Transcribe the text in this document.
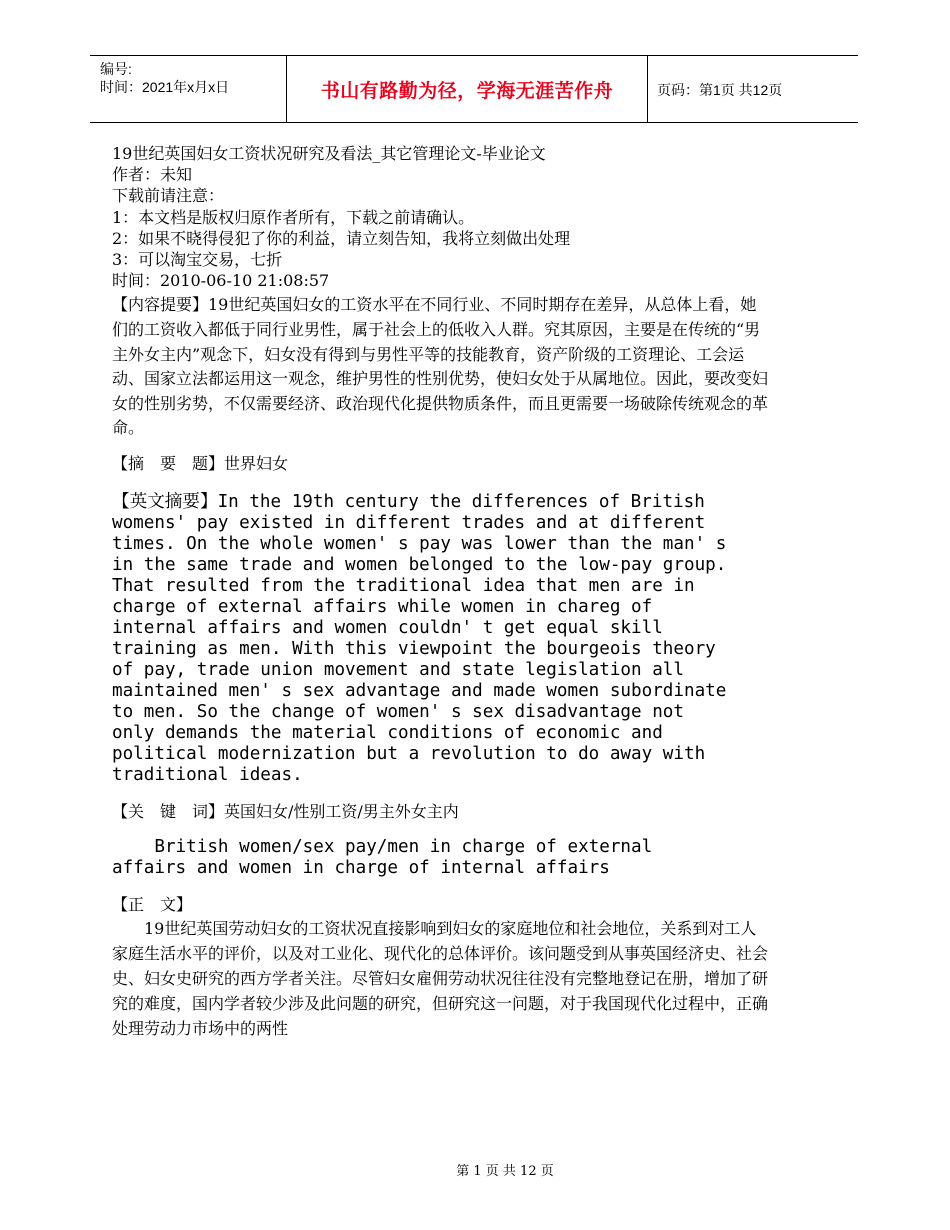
编号:
时间：2021年x月x日	书山有路勤为径，学海无涯苦作舟	页码：第1页 共12页
19世纪英国妇女工资状况研究及看法_其它管理论文-毕业论文
作者：未知
下载前请注意：
1：本文档是版权归原作者所有，下载之前请确认。
2：如果不晓得侵犯了你的利益，请立刻告知，我将立刻做出处理
3：可以淘宝交易，七折
时间：2010-06-10 21:08:57
【内容提要】19世纪英国妇女的工资水平在不同行业、不同时期存在差异，从总体上看，她们的工资收入都低于同行业男性，属于社会上的低收入人群。究其原因，主要是在传统的“男主外女主内”观念下，妇女没有得到与男性平等的技能教育，资产阶级的工资理论、工会运动、国家立法都运用这一观念，维护男性的性别优势，使妇女处于从属地位。因此，要改变妇女的性别劣势，不仅需要经济、政治现代化提供物质条件，而且更需要一场破除传统观念的革命。
【摘　要　题】世界妇女
【英文摘要】In the 19th century the differences of British
womens' pay existed in different trades and at different
times. On the whole women' s pay was lower than the man' s
in the same trade and women belonged to the low-pay group.
That resulted from the traditional idea that men are in
charge of external affairs while women in chareg of
internal affairs and women couldn' t get equal skill
training as men. With this viewpoint the bourgeois theory
of pay, trade union movement and state legislation all
maintained men' s sex advantage and made women subordinate
to men. So the change of women' s sex disadvantage not
only demands the material conditions of economic and
political modernization but a revolution to do away with
traditional ideas.
【关　键　词】英国妇女/性别工资/男主外女主内
British women/sex pay/men in charge of external
affairs and women in charge of internal affairs
【正　文】
　　19世纪英国劳动妇女的工资状况直接影响到妇女的家庭地位和社会地位，关系到对工人家庭生活水平的评价，以及对工业化、现代化的总体评价。该问题受到从事英国经济史、社会史、妇女史研究的西方学者关注。尽管妇女雇佣劳动状况往往没有完整地登记在册，增加了研究的难度，国内学者较少涉及此问题的研究，但研究这一问题，对于我国现代化过程中，正确处理劳动力市场中的两性
第 1 页 共 12 页
